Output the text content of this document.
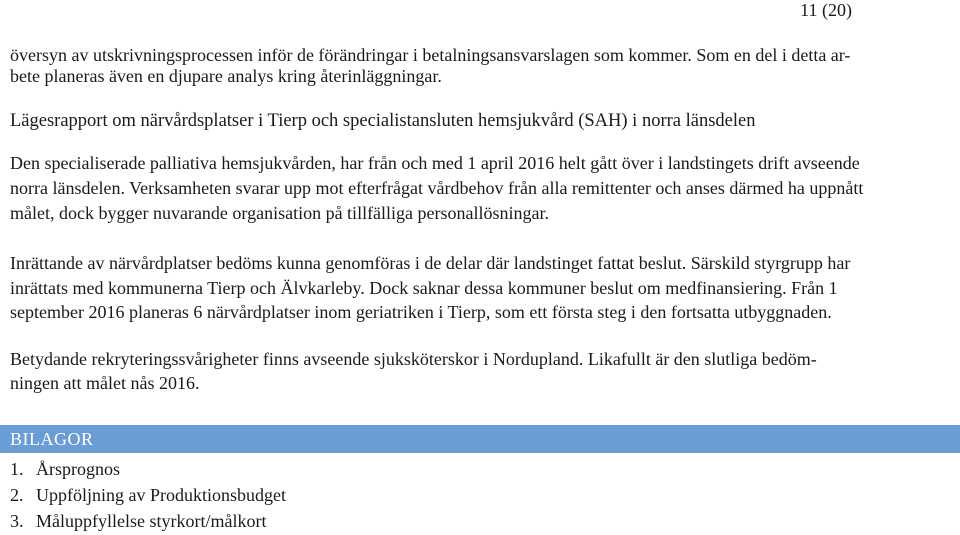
11 (20)
översyn av utskrivningsprocessen inför de förändringar i betalningsansvarslagen som kommer. Som en del i detta ar-
bete planeras även en djupare analys kring återinläggningar.
Lägesrapport om närvårdsplatser i Tierp och specialistansluten hemsjukvård (SAH) i norra länsdelen
Den specialiserade palliativa hemsjukvården, har från och med 1 april 2016 helt gått över i landstingets drift avseende
norra länsdelen. Verksamheten svarar upp mot efterfrågat vårdbehov från alla remittenter och anses därmed ha uppnått
målet, dock bygger nuvarande organisation på tillfälliga personallösningar.
Inrättande av närvårdplatser bedöms kunna genomföras i de delar där landstinget fattat beslut. Särskild styrgrupp har
inrättats med kommunerna Tierp och Älvkarleby. Dock saknar dessa kommuner beslut om medfinansiering. Från 1
september 2016 planeras 6 närvårdplatser inom geriatriken i Tierp, som ett första steg i den fortsatta utbyggnaden.
Betydande rekryteringssvårigheter finns avseende sjuksköterskor i Nordupland. Likafullt är den slutliga bedöm-
ningen att målet nås 2016.
BILAGOR
1. Årsprognos
2. Uppföljning av Produktionsbudget
3. Måluppfyllelse styrkort/målkort
